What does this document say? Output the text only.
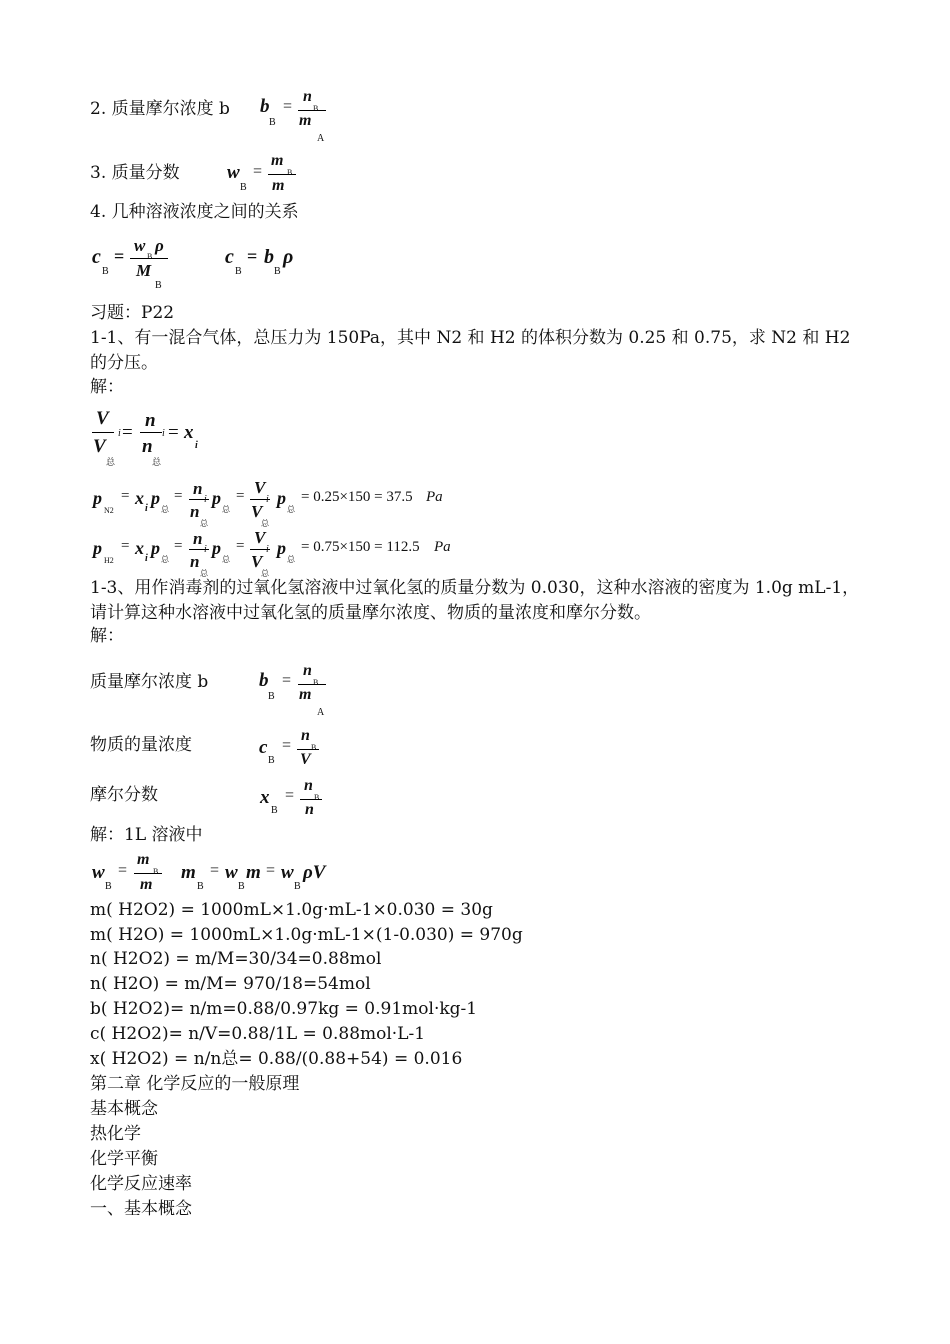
2. 质量摩尔浓度 b b
B
=
n
B
m
A
3. 质量分数 w
B
=
m
B
m
4. 几种溶液浓度之间的关系
c
B
=
w
B
ρ
M
B
c
B
= b
B
ρ
习题：P22
1-1、有一混合气体，总压力为 150Pa，其中 N2 和 H2 的体积分数为 0.25 和 0.75，求 N2 和 H2 的分压。
解：
V
i
V
总
=
n
i
n
总
= x
i
p
N2
= x
i
p
总
= n
i
n
总
p
总
= V
i
V
总
p
总
= 0.25×150 = 37.5 Pa
p
H2
= x
i
p
总
= n
i
n
总
p
总
= V
i
V
总
p
总
= 0.75×150 = 112.5 Pa
1-3、用作消毒剂的过氧化氢溶液中过氧化氢的质量分数为 0.030，这种水溶液的密度为 1.0g mL-1，请计算这种水溶液中过氧化氢的质量摩尔浓度、物质的量浓度和摩尔分数。
解：
质量摩尔浓度 b	b
B
=
n
B
m
A
物质的量浓度	c
B
=
n
B
V
摩尔分数	x
B
=
n
B
n
解：1L 溶液中
w
B
=
m
B
m
m
B
= w
B
m = w
B
ρV
m( H2O2) = 1000mL×1.0g·mL-1×0.030 = 30g
m( H2O) = 1000mL×1.0g·mL-1×(1-0.030) = 970g
n( H2O2) = m/M=30/34=0.88mol
n( H2O) = m/M= 970/18=54mol
b( H2O2)= n/m=0.88/0.97kg = 0.91mol·kg-1
c( H2O2)= n/V=0.88/1L = 0.88mol·L-1
x( H2O2) = n/n总= 0.88/(0.88+54) = 0.016
第二章 化学反应的一般原理
基本概念
热化学
化学平衡
化学反应速率
一、基本概念
